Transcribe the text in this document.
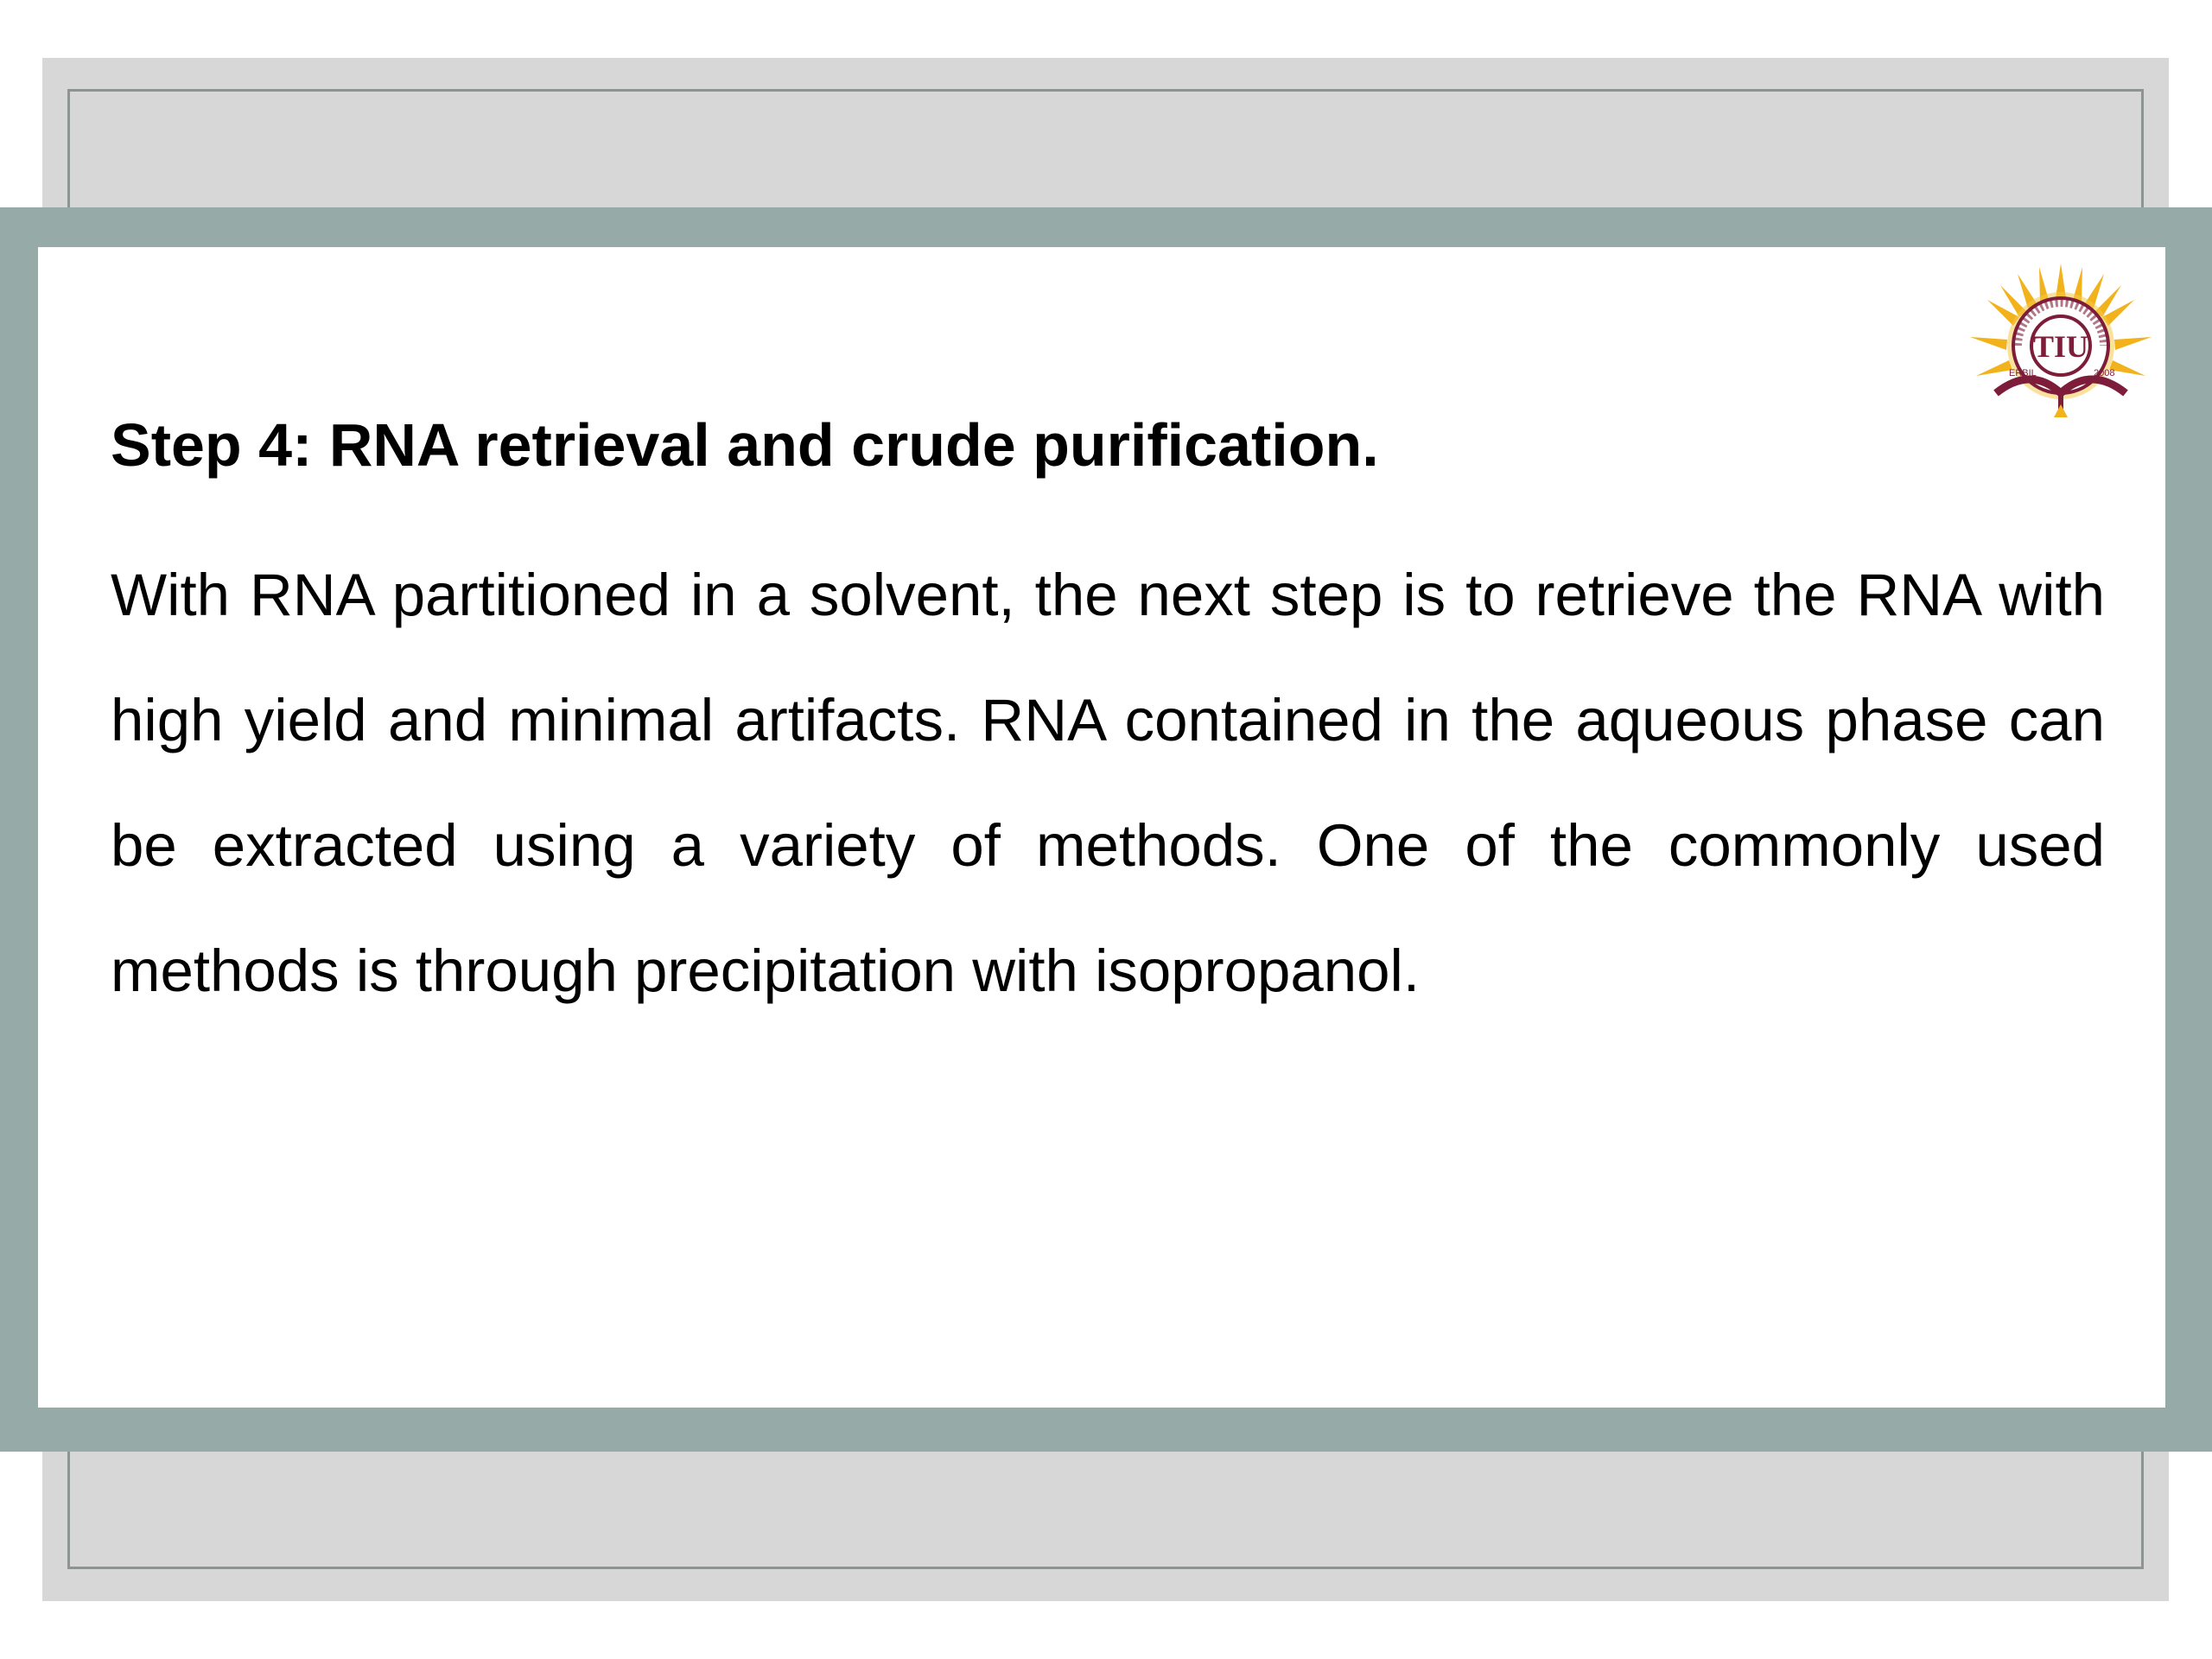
TIU
ERBIL	2008
Step 4: RNA retrieval and crude purification.

With RNA partitioned in a solvent, the next step is to retrieve the RNA with high yield and minimal artifacts. RNA contained in the aqueous phase can be extracted using a variety of methods. One of the commonly used methods is through precipitation with isopropanol.
